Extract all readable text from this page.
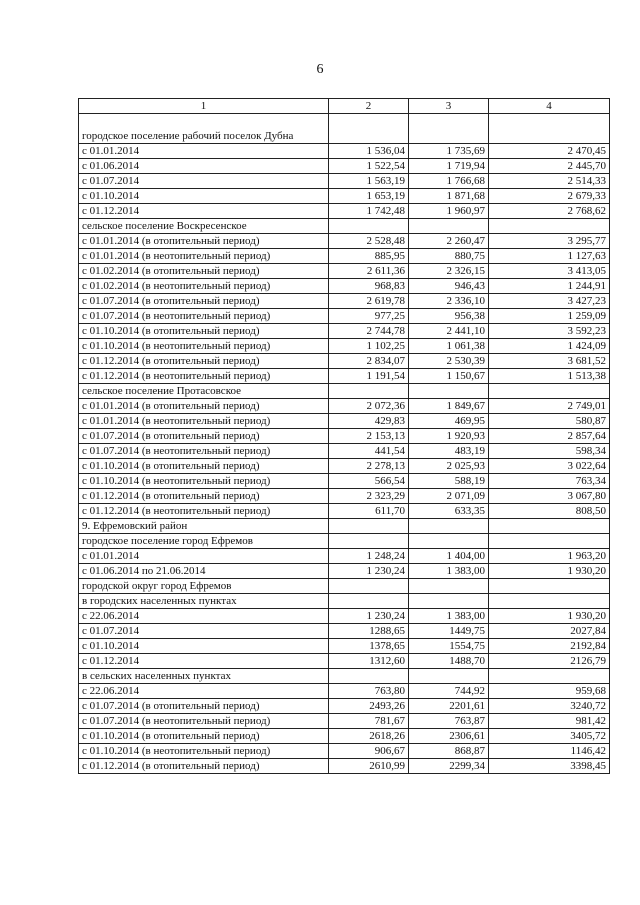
6
1	2	3	4
городское поселение рабочий поселок Дубна			
с 01.01.2014	1 536,04	1 735,69	2 470,45
с 01.06.2014	1 522,54	1 719,94	2 445,70
с 01.07.2014	1 563,19	1 766,68	2 514,33
с 01.10.2014	1 653,19	1 871,68	2 679,33
с 01.12.2014	1 742,48	1 960,97	2 768,62
сельское поселение Воскресенское			
с 01.01.2014 (в отопительный период)	2 528,48	2 260,47	3 295,77
с 01.01.2014 (в неотопительный период)	885,95	880,75	1 127,63
с 01.02.2014 (в отопительный период)	2 611,36	2 326,15	3 413,05
с 01.02.2014 (в неотопительный период)	968,83	946,43	1 244,91
с 01.07.2014 (в отопительный период)	2 619,78	2 336,10	3 427,23
с 01.07.2014 (в неотопительный период)	977,25	956,38	1 259,09
с 01.10.2014 (в отопительный период)	2 744,78	2 441,10	3 592,23
с 01.10.2014 (в неотопительный период)	1 102,25	1 061,38	1 424,09
с 01.12.2014 (в отопительный период)	2 834,07	2 530,39	3 681,52
с 01.12.2014 (в неотопительный период)	1 191,54	1 150,67	1 513,38
сельское поселение Протасовское			
с 01.01.2014 (в отопительный период)	2 072,36	1 849,67	2 749,01
с 01.01.2014 (в неотопительный период)	429,83	469,95	580,87
с 01.07.2014 (в отопительный период)	2 153,13	1 920,93	2 857,64
с 01.07.2014 (в неотопительный период)	441,54	483,19	598,34
с 01.10.2014 (в отопительный период)	2 278,13	2 025,93	3 022,64
с 01.10.2014 (в неотопительный период)	566,54	588,19	763,34
с 01.12.2014 (в отопительный период)	2 323,29	2 071,09	3 067,80
с 01.12.2014 (в неотопительный период)	611,70	633,35	808,50
9. Ефремовский район			
городское поселение город Ефремов			
с 01.01.2014	1 248,24	1 404,00	1 963,20
с 01.06.2014 по 21.06.2014	1 230,24	1 383,00	1 930,20
городской округ город Ефремов			
в городских населенных пунктах			
с 22.06.2014	1 230,24	1 383,00	1 930,20
с 01.07.2014	1288,65	1449,75	2027,84
с 01.10.2014	1378,65	1554,75	2192,84
с 01.12.2014	1312,60	1488,70	2126,79
в сельских населенных пунктах			
с 22.06.2014	763,80	744,92	959,68
с 01.07.2014 (в отопительный период)	2493,26	2201,61	3240,72
с 01.07.2014 (в неотопительный период)	781,67	763,87	981,42
с 01.10.2014 (в отопительный период)	2618,26	2306,61	3405,72
с 01.10.2014 (в неотопительный период)	906,67	868,87	1146,42
с 01.12.2014 (в отопительный период)	2610,99	2299,34	3398,45
